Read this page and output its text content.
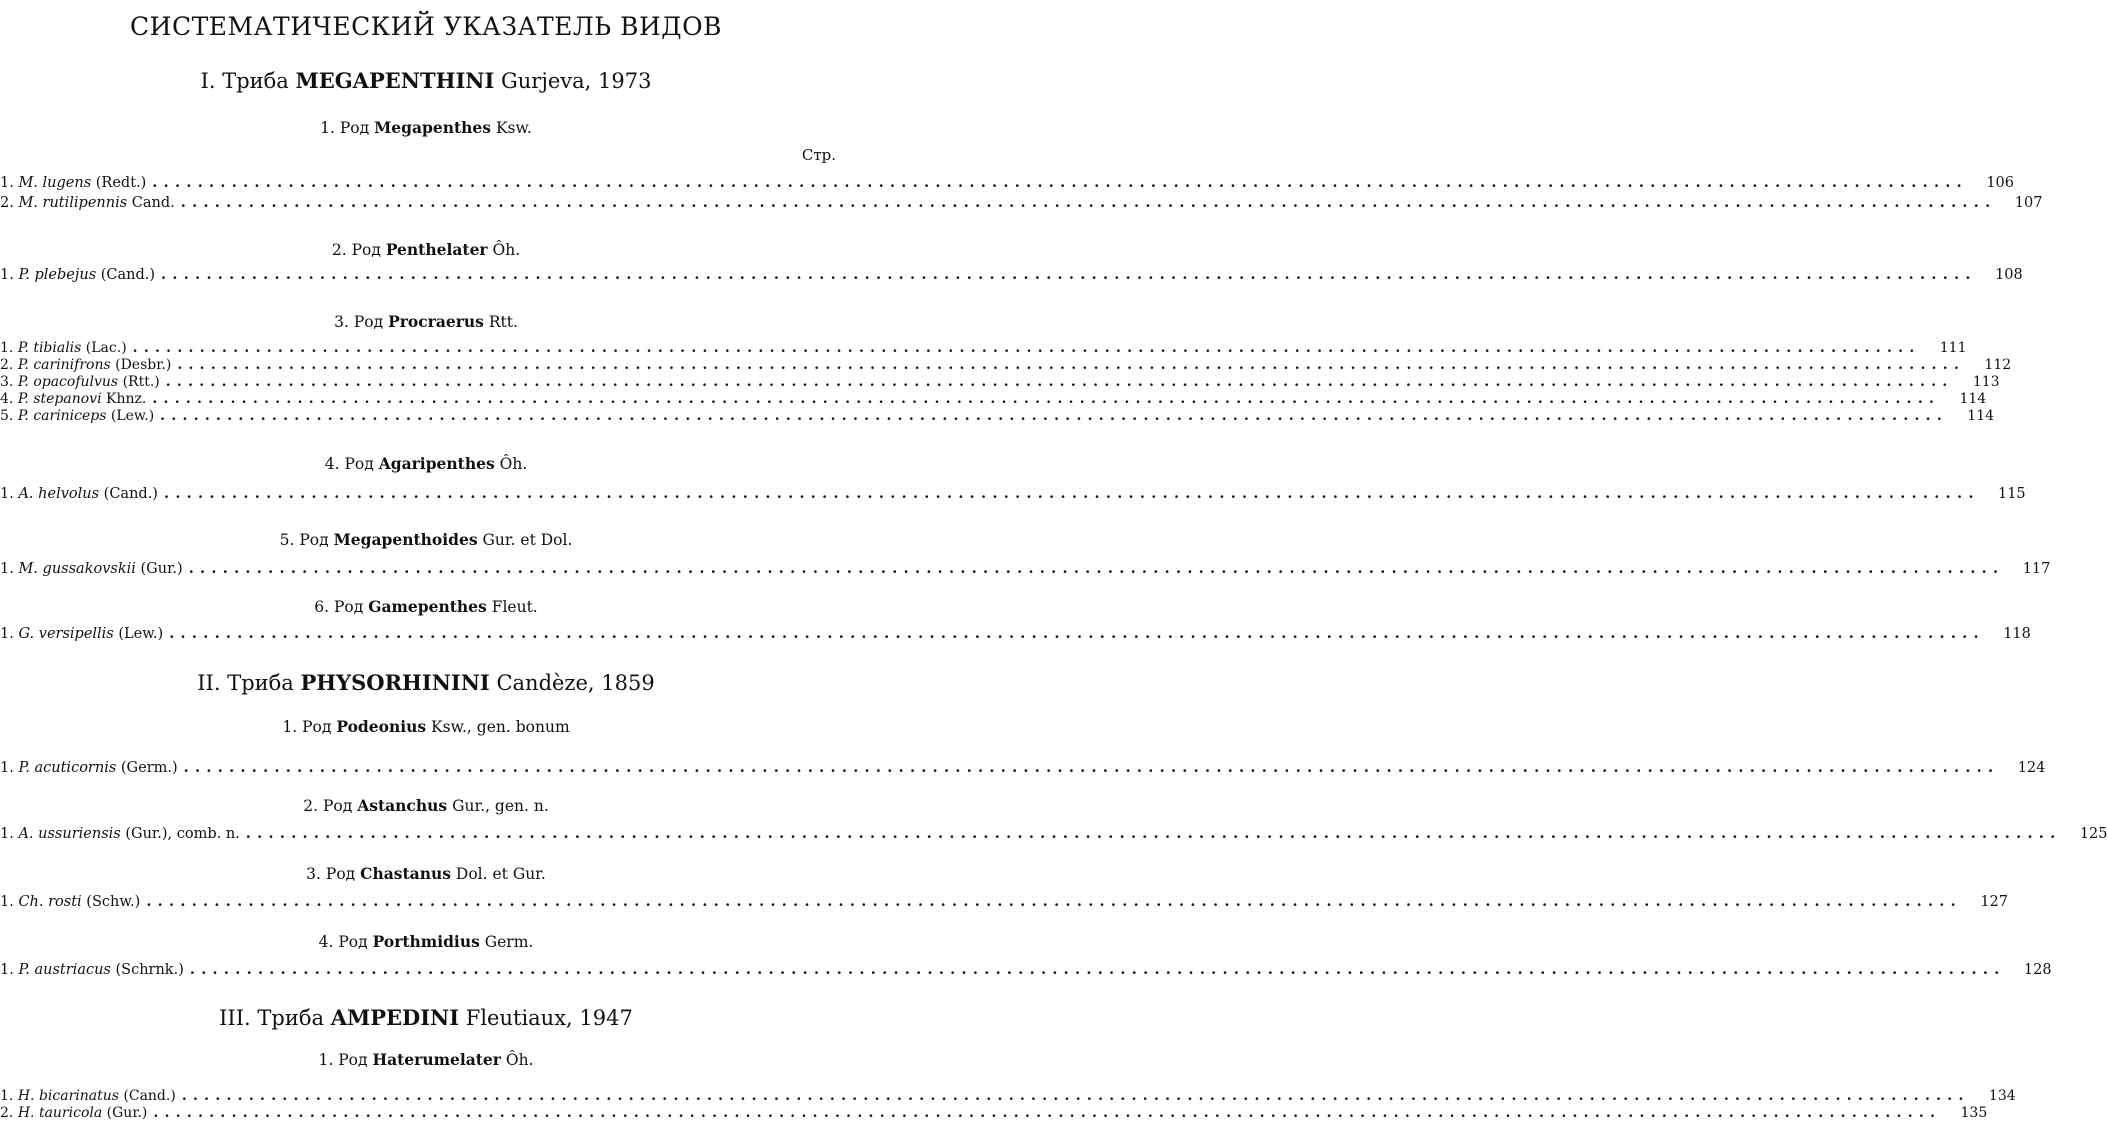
СИСТЕМАТИЧЕСКИЙ УКАЗАТЕЛЬ ВИДОВ
I. Триба MEGAPENTHINI Gurjeva, 1973
1. Род Megapenthes Ksw.
Стр.
1.
M.
lugens
(Redt.) ................................................................................................................................................................	106
2.
M.
rutilipennis
Cand. ................................................................................................................................................................	107
2. Род Penthelater Ôh.
1.
P.
plebejus
(Cand.) ................................................................................................................................................................	108
3. Род Procraerus Rtt.
1.
P.
tibialis
(Lac.) ................................................................................................................................................................	111
2.
P.
carinifrons
(Desbr.) ................................................................................................................................................................	112
3.
P.
opacofulvus
(Rtt.) ................................................................................................................................................................	113
4.
P.
stepanovi
Khnz. ................................................................................................................................................................	114
5.
P.
cariniceps
(Lew.) ................................................................................................................................................................	114
4. Род Agaripenthes Ôh.
1.
A.
helvolus
(Cand.) ................................................................................................................................................................	115
5. Род Megapenthoides Gur. et Dol.
1.
M.
gussakovskii
(Gur.) ................................................................................................................................................................	117
6. Род Gamepenthes Fleut.
1.
G.
versipellis
(Lew.) ................................................................................................................................................................	118
II. Триба PHYSORHININI Candèze, 1859
1. Род Podeonius Ksw., gen. bonum
1.
P.
acuticornis
(Germ.) ................................................................................................................................................................	124
2. Род Astanchus Gur., gen. n.
1.
A.
ussuriensis
(Gur.), comb. n. ................................................................................................................................................................	125
3. Род Chastanus Dol. et Gur.
1.
Ch.
rosti
(Schw.) ................................................................................................................................................................	127
4. Род Porthmidius Germ.
1.
P.
austriacus
(Schrnk.) ................................................................................................................................................................	128
III. Триба AMPEDINI Fleutiaux, 1947
1. Род Haterumelater Ôh.
1.
H.
bicarinatus
(Cand.) ................................................................................................................................................................	134
2.
H.
tauricola
(Gur.) ................................................................................................................................................................	135
